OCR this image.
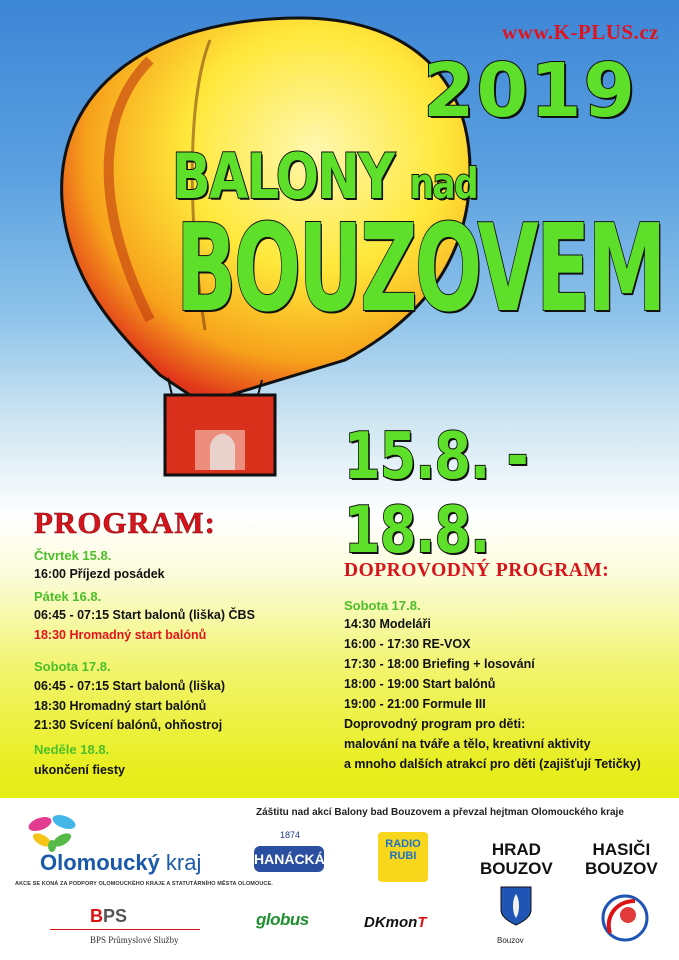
www.K-PLUS.cz
2019
BALONY nad
BOUZOVEM
15.8. - 18.8.
PROGRAM:
Čtvrtek 15.8.
16:00 Příjezd posádek
Pátek 16.8.
06:45 - 07:15 Start balonů (liška) ČBS
18:30 Hromadný start balónů
Sobota 17.8.
06:45 - 07:15 Start balonů (liška)
18:30 Hromadný start balónů
21:30 Svícení balónů, ohňostroj
Neděle 18.8.
ukončení fiesty
DOPROVODNÝ PROGRAM:
Sobota 17.8.
14:30 Modeláři
16:00 - 17:30 RE-VOX
17:30 - 18:00 Briefing + losování
18:00 - 19:00 Start balónů
19:00 - 21:00 Formule III
Doprovodný program pro děti:
malování na tváře a tělo, kreativní aktivity
a mnoho dalších atrakcí pro děti (zajišťují Tetičky)
Záštitu nad akcí Balony bad Bouzovem a převzal hejtman Olomouckého kraje
Olomoucký kraj
AKCE SE KONÁ ZA PODPORY OLOMOUCKÉHO KRAJE A STATUTÁRNÍHO MĚSTA OLOMOUCE.
BPS
BPS Průmyslové Služby
1874
HANÁCKÁ
RADIO
RUBI	HRAD
BOUZOV
HASIČI
BOUZOV
globus	DKmonT
Bouzov
